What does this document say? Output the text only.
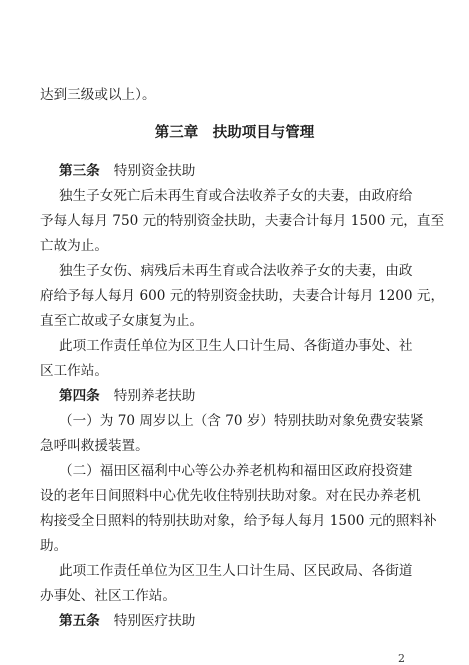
达到三级或以上）。
第三章　扶助项目与管理
第三条 特别资金扶助
独生子女死亡后未再生育或合法收养子女的夫妻，由政府给
予每人每月 750 元的特别资金扶助，夫妻合计每月 1500 元，直至
亡故为止。
独生子女伤、病残后未再生育或合法收养子女的夫妻，由政
府给予每人每月 600 元的特别资金扶助，夫妻合计每月 1200 元，
直至亡故或子女康复为止。
此项工作责任单位为区卫生人口计生局、各街道办事处、社
区工作站。
第四条 特别养老扶助
（一）为 70 周岁以上（含 70 岁）特别扶助对象免费安装紧
急呼叫救援装置。
（二）福田区福利中心等公办养老机构和福田区政府投资建
设的老年日间照料中心优先收住特别扶助对象。对在民办养老机
构接受全日照料的特别扶助对象，给予每人每月 1500 元的照料补
助。
此项工作责任单位为区卫生人口计生局、区民政局、各街道
办事处、社区工作站。
第五条 特别医疗扶助
2
